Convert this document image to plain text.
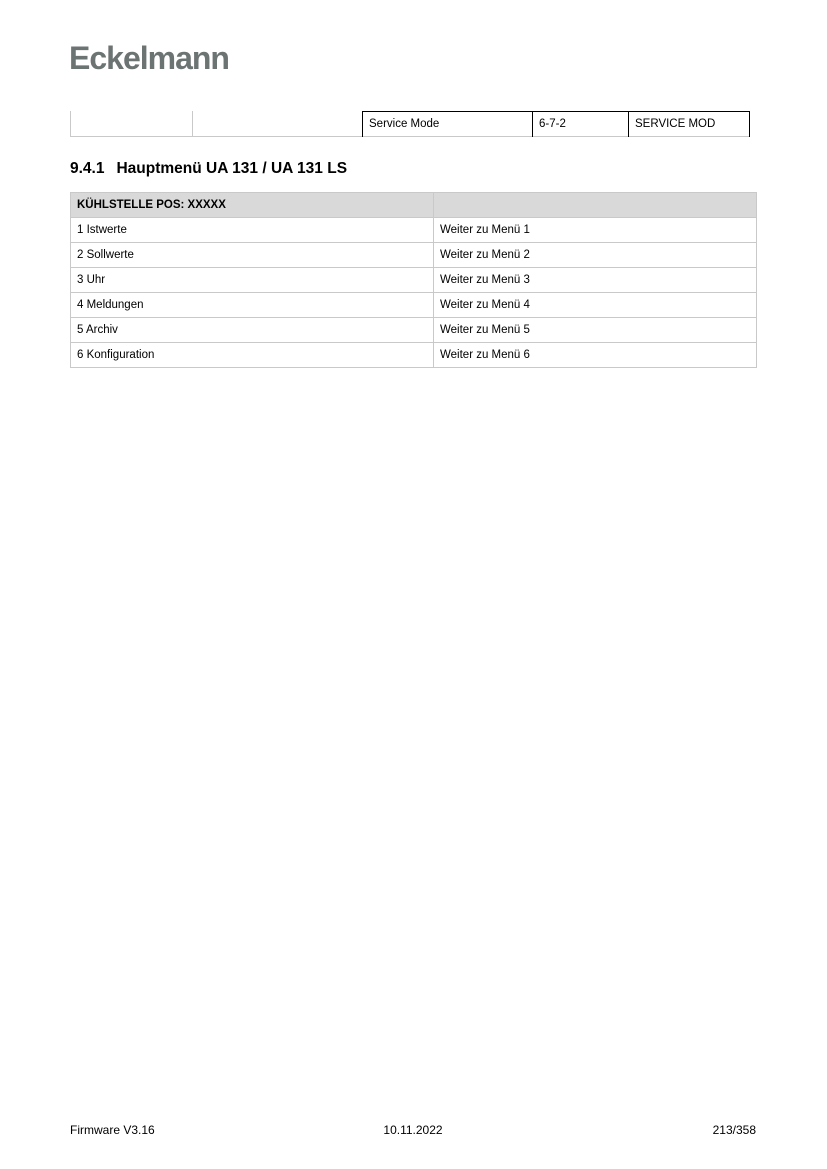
Eckelmann
Service Mode	6-7-2	SERVICE MOD
9.4.1 Hauptmenü UA 131 / UA 131 LS
KÜHLSTELLE POS: XXXXX	
1 Istwerte	Weiter zu Menü 1
2 Sollwerte	Weiter zu Menü 2
3 Uhr	Weiter zu Menü 3
4 Meldungen	Weiter zu Menü 4
5 Archiv	Weiter zu Menü 5
6 Konfiguration	Weiter zu Menü 6
Firmware V3.16	10.11.2022	213/358
